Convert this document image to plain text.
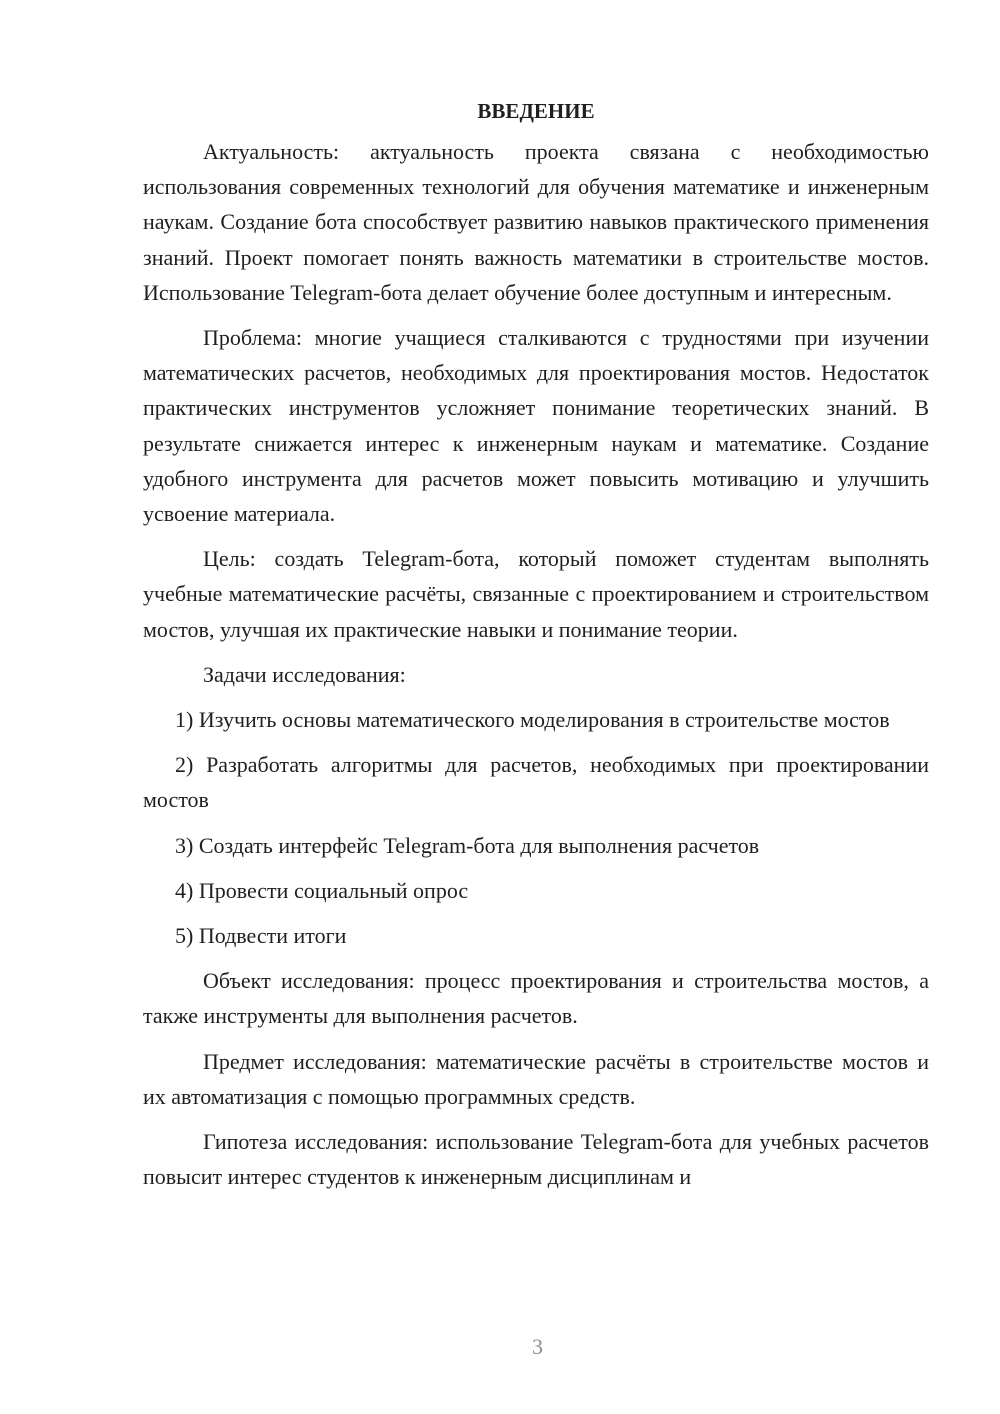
ВВЕДЕНИЕ

Актуальность: актуальность проекта связана с необходимостью использования современных технологий для обучения математике и инженерным наукам. Создание бота способствует развитию навыков практического применения знаний. Проект помогает понять важность математики в строительстве мостов. Использование Telegram-бота делает обучение более доступным и интересным.

Проблема: многие учащиеся сталкиваются с трудностями при изучении математических расчетов, необходимых для проектирования мостов. Недостаток практических инструментов усложняет понимание теоретических знаний. В результате снижается интерес к инженерным наукам и математике. Создание удобного инструмента для расчетов может повысить мотивацию и улучшить усвоение материала.

Цель: создать Telegram-бота, который поможет студентам выполнять учебные математические расчёты, связанные с проектированием и строительством мостов, улучшая их практические навыки и понимание теории.

Задачи исследования:

1) Изучить основы математического моделирования в строительстве мостов

2) Разработать алгоритмы для расчетов, необходимых при проектировании мостов

3) Создать интерфейс Telegram-бота для выполнения расчетов

4) Провести социальный опрос

5) Подвести итоги

Объект исследования: процесс проектирования и строительства мостов, а также инструменты для выполнения расчетов.

Предмет исследования: математические расчёты в строительстве мостов и их автоматизация с помощью программных средств.

Гипотеза исследования: использование Telegram-бота для учебных расчетов повысит интерес студентов к инженерным дисциплинам и

3
